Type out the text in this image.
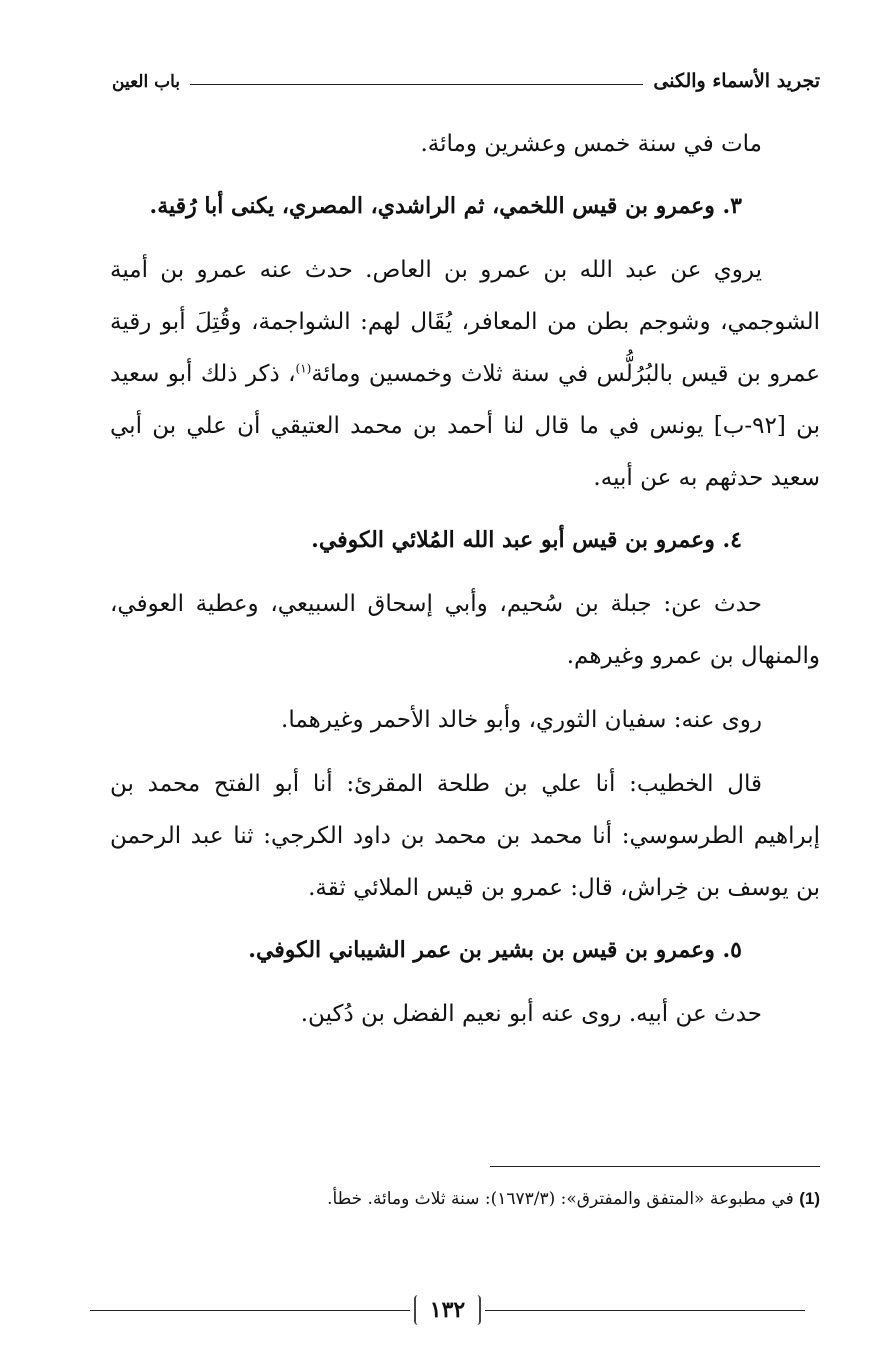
تجريد الأسماء والكنى
باب العين

مات في سنة خمس وعشرين ومائة.

٣. وعمرو بن قيس اللخمي، ثم الراشدي، المصري، يكنى أبا رُقية.

يروي عن عبد الله بن عمرو بن العاص. حدث عنه عمرو بن أمية الشوجمي، وشوجم بطن من المعافر، يُقَال لهم: الشواجمة، وقُتِلَ أبو رقية عمرو بن قيس بالبُرُلُّس في سنة ثلاث وخمسين ومائة$^{(١)}$، ذكر ذلك أبو سعيد بن [٩٢-ب] يونس في ما قال لنا أحمد بن محمد العتيقي أن علي بن أبي سعيد حدثهم به عن أبيه.

٤. وعمرو بن قيس أبو عبد الله المُلائي الكوفي.

حدث عن: جبلة بن سُحيم، وأبي إسحاق السبيعي، وعطية العوفي، والمنهال بن عمرو وغيرهم.

روى عنه: سفيان الثوري، وأبو خالد الأحمر وغيرهما.

قال الخطيب: أنا علي بن طلحة المقرئ: أنا أبو الفتح محمد بن إبراهيم الطرسوسي: أنا محمد بن محمد بن داود الكرجي: ثنا عبد الرحمن بن يوسف بن خِراش، قال: عمرو بن قيس الملائي ثقة.

٥. وعمرو بن قيس بن بشير بن عمر الشيباني الكوفي.

حدث عن أبيه. روى عنه أبو نعيم الفضل بن دُكين.

(1) في مطبوعة «المتفق والمفترق»: (١٦٧٣/٣): سنة ثلاث ومائة. خطأ.
١٣٢
